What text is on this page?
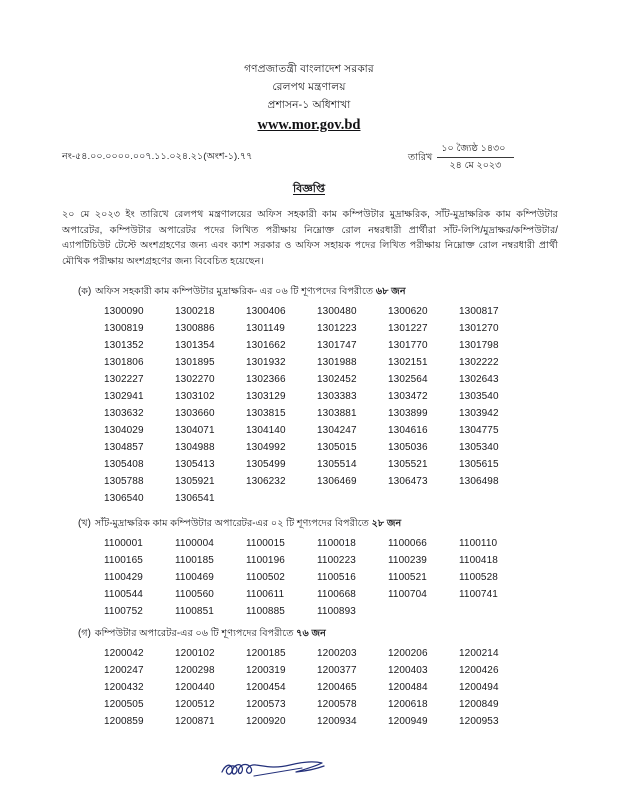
গণপ্রজাতন্ত্রী বাংলাদেশ সরকার
রেলপথ মন্ত্রণালয়
প্রশাসন-১ অধিশাখা
www.mor.gov.bd
নং-৫৪.০০.০০০০.০০৭.১১.০২৪.২১(অংশ-১).৭৭	তারিখ
১০ জ্যৈষ্ঠ ১৪৩০
২৪ মে ২০২৩
বিজ্ঞপ্তি

২০ মে ২০২৩ ইং তারিখে রেলপথ মন্ত্রণালয়ের অফিস সহকারী কাম কম্পিউটার মুদ্রাক্ষরিক, সাঁট-মুদ্রাক্ষরিক কাম কম্পিউটার অপারেটর, কম্পিউটার অপারেটর পদের লিখিত পরীক্ষায় নিম্নোক্ত রোল নম্বরধারী প্রার্থীরা সাঁট-লিপি/মুদ্রাক্ষর/কম্পিউটার/এ্যাপটিচিউট টেস্টে অংশগ্রহণের জন্য এবং ক্যাশ সরকার ও অফিস সহায়ক পদের লিখিত পরীক্ষায় নিম্নোক্ত রোল নম্বরধারী প্রার্থী মৌখিক পরীক্ষায় অংশগ্রহণের জন্য বিবেচিত হয়েছেন।

(ক) অফিস সহকারী কাম কম্পিউটার মুদ্রাক্ষরিক- এর ০৬ টি শূণ্যপদের বিপরীতে ৬৮ জন
1300090	1300218	1300406	1300480	1300620	1300817
1300819	1300886	1301149	1301223	1301227	1301270
1301352	1301354	1301662	1301747	1301770	1301798
1301806	1301895	1301932	1301988	1302151	1302222
1302227	1302270	1302366	1302452	1302564	1302643
1302941	1303102	1303129	1303383	1303472	1303540
1303632	1303660	1303815	1303881	1303899	1303942
1304029	1304071	1304140	1304247	1304616	1304775
1304857	1304988	1304992	1305015	1305036	1305340
1305408	1305413	1305499	1305514	1305521	1305615
1305788	1305921	1306232	1306469	1306473	1306498
1306540	1306541
(খ) সাঁট-মুদ্রাক্ষরিক কাম কম্পিউটার অপারেটর-এর ০২ টি শূণ্যপদের বিপরীতে ২৮ জন
1100001	1100004	1100015	1100018	1100066	1100110
1100165	1100185	1100196	1100223	1100239	1100418
1100429	1100469	1100502	1100516	1100521	1100528
1100544	1100560	1100611	1100668	1100704	1100741
1100752	1100851	1100885	1100893
(গ) কম্পিউটার অপারেটর-এর ০৬ টি শূণ্যপদের বিপরীতে ৭৬ জন
1200042	1200102	1200185	1200203	1200206	1200214
1200247	1200298	1200319	1200377	1200403	1200426
1200432	1200440	1200454	1200465	1200484	1200494
1200505	1200512	1200573	1200578	1200618	1200849
1200859	1200871	1200920	1200934	1200949	1200953
